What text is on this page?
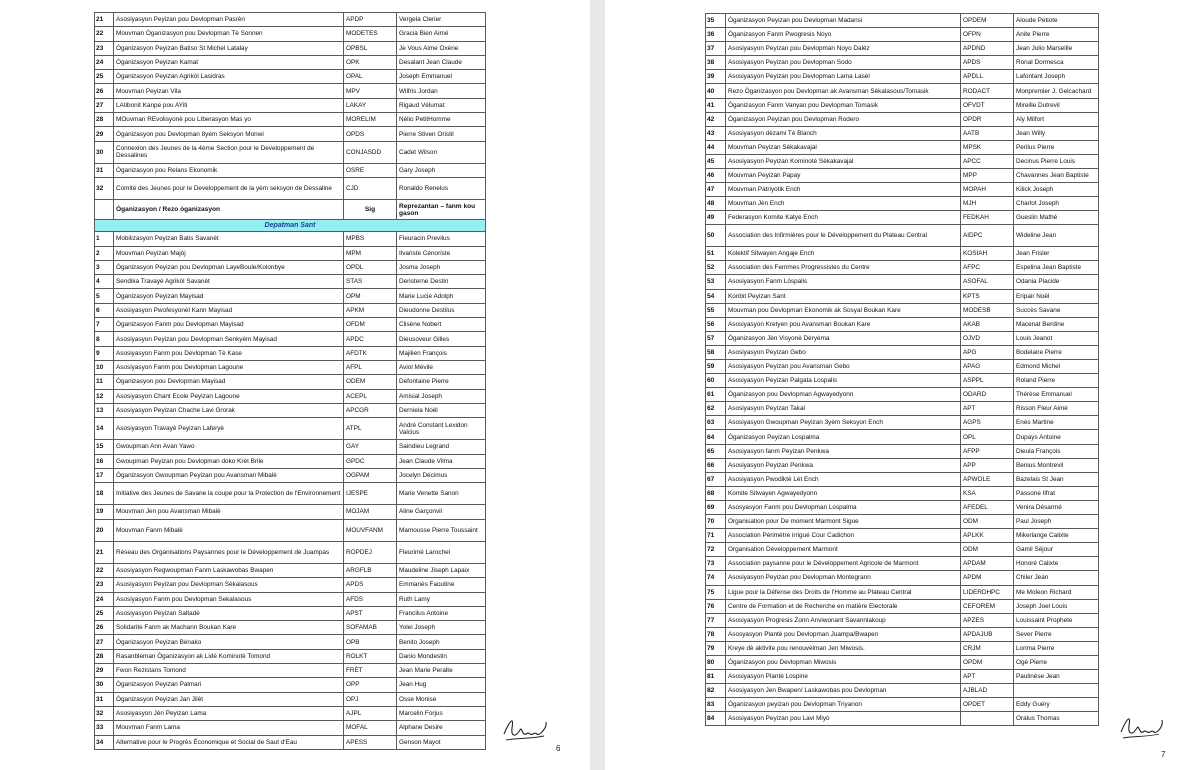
21	Asosiyasyon Peyizan pou Devlopman Pasrèn	APDP	Vergela Clerier
22	Mouvman Òganizasyon pou Devlopman Tè Sonnen	MODETES	Gracia Bien Aimé
23	Òganizasyon Peyizan Batiso St Michel Latalay	OPBSL	Je Vous Aime Oxène
24	Òganizasyon Peyizan Kamat	OPK	Desalant Jean Claude
25	Òganizasyon Peyizan Agrikòl Lasidras	OPAL	Joseph Emmanuel
26	Mouvman Peyizan Vila	MPV	Wilfris Jordan
27	LAtibonit Kanpe pou AYiti	LAKAY	Rigaud Vélumat
28	MOuvman REvolisyonè pou LIberasyon Mas yo	MORELIM	Nélio PetitHomme
29	Òganizasyon pou Devlopman 8yèm Seksyon Monwi	OPDS	Pierre Stiven Oristil
30	Connexion des Jeunes de la 4ème Section pour le Developpement de Dessalines	CONJASDD	Cadet Wilson
31	Òganizasyon pou Relans Ekonomik	OSRE	Gary Joseph
32	Comité des Jeunes pour le Developpement de la yèm seksyon de Dessaline	CJD	Ronaldo Renelus
	Òganizasyon / Rezo òganizasyon	Sig	Reprezantan – fanm kou gason
Depatman Sant			
1	Mobilizasyon Peyizan Batis Savanèt	MPBS	Fleuracin Previlus
2	Mouvman Peyizan Majòj	MPM	Ilvariste Cénoriste
3	Òganizasyon Peyizan pou Devlopman LayeBoule/Kolonbye	OPDL	Josma Joseph
4	Sendika Travayè Agrikòl Savanèt	STAS	Deristerne Destin
5	Òganizasyon Peyizan Mayisad	OPM	Marie Lucie Adolph
6	Asosiyasyon Pwofesyonèl Kann Mayisad	APKM	Dieudonne Destilus
7	Òganizasyon Fanm pou Devlopman Mayisad	OFDM	Clisène Nobert
8	Asosiyasyon Peyizan pou Devlopman Senkyèm Mayisad	APDC	Dieusoveur Gilles
9	Asosiyasyon Fanm pou Devlopman Tè Kase	AFDTK	Majilien François
10	Asosiyasyon Fanm pou Devlopman Lagoune	AFPL	Aviol Mévile
11	Òganizasyon pou Devlopman Mayisad	ODEM	Defontaine Pierre
12	Asosiyasyon Chant Ecole Peyizan Lagoune	ACEPL	Amisial Joseph
13	Asosiyasyon Peyizan Chache Lavi Grorak	APCGR	Derniela Noël
14	Asosiyasyon Travayè Peyizan Laferyè	ATPL	André Constant Lexidon Valcius
15	Gwoupman Ann Avan Yawo	GAY	Saindieu Legrand
16	Gwoupman Peyizan pou Devlopman doko Krèt Brile	GPDC	Jean Claude Vilma
17	Òganizasyon Gwoupman Peyizan pou Avansman Mibalè	OGPAM	Jocelyn Décimus
18	Initiative des Jeunes de Savane la coupe pour la Protection de l'Environnement	IJESPE	Marie Venette Sanon
19	Mouvman Jen pou Avansman Mibalè	MOJAM	Aline Garçonvil
20	Mouvman Fanm Mibalè	MOUVFANM	Mamousse Pierre Toussaint
21	Réseau des Organisations Paysannes pour le Développement de Juampas	ROPDEJ	Fleurimé Larochel
22	Asosiyasyon Regwoupman Fanm Laskawobas Bwapen	ARGFLB	Maudeline Jiseph Lapaix
23	Asosiyasyon Peyizan pou Devlopman Sèkalasous	APDS	Emmanès Faoutine
24	Asosiyasyon Fanm pou Devlopman Sekalasous	AFDS	Ruth Lamy
25	Asosiyasyon Peyizan Saltadè	APST	Francilus Antoine
26	Solidarite Fanm ak Machann Boukan Kare	SOFAMAB	Yolei Joseph
27	Òganizasyon Peyizan Bènako	OPB	Benito Joseph
28	Rasanbleman Òganizasyon ak Lidè Kominotè Tomond	ROLKT	Danio Mondestin
29	Fwon Rezistans Tomond	FRÈT	Jean Marie Peralte
30	Òganizasyon Peyizan Palmari	OPP	Jean Hug
31	Òganizasyon Peyizan Jan Jilèt	OPJ	Osse Monise
32	Asosiyasyon Jèn Peyizan Lama	AJPL	Marcelin Forjus
33	Mouvman Fanm Lama	MOFAL	Alphane Desire
34	Alternative pour le Progrès Économique et Social de Saut d'Eau	APESS	Genson Mayot
6
35	Òganizasyon Peyizan pou Devlopman Madansi	OPDEM	Aloude Petiote
36	Òganizasyon Fanm Pwogresis Noyo	OFPN	Anite Pierre
37	Asosiyasyon Peyizan pou Devlopman Noyo Dalèz	APDND	Jean Julio Marseille
38	Asosiyasyon Peyizan pou Devlopman Sodo	APDS	Ronal Dormesca
39	Asosiyasyon Peyizan pou Devlopman Lama Lasèl	APDLL	Lafontant Joseph
40	Rezo Òganizasyon pou Devlopman ak Avansman Sèkalasous/Tomasik	RODACT	Monpremier J. Gelcachard
41	Òganizasyon Fanm Vanyan pou Devlopman Tomasik	OFVDT	Mireille Dutrevil
42	Òganizasyon Peyizan pou Devlopman Rodero	OPDR	Aly Milfort
43	Asosiyasyon dèzami Tè Blanch	AATB	Jean Willy
44	Mouvman Peyizan Sèkakavajal	MPSK	Perilus Pierre
45	Asosiyasyon Peyizan Kominotè Sèkakavajal	APCC	Decinus Pierre Louis
46	Mouvman Peyizan Papay	MPP	Chavannes Jean Baptiste
47	Mouvman Patriyotik Ench	MOPAH	Kilick Joseph
48	Mouvman Jèn Ench	MJH	Charlot Joseph
49	Federasyon Komite Katye Ench	FEDKAH	Gueslin Mathé
50	Association des Infirmières pour le Développement du Plateau Central	AIDPC	Wideline Jean
51	Kolektif Sitwayen Angaje Ench	KOSIAH	Jean Frisler
52	Association des Femmes Progressistes du Centre	AFPC	Espelina Jean Baptiste
53	Asosiyasyon Fanm Lòspalis	ASOFAL	Odania Placide
54	Konbit Peyizan Sant	KPTS	Eripair Noël
55	Mouvman pou Devlopman Ekonomik ak Sosyal Boukan Kare	MODESB	Succès Savane
56	Asosiyasyon Kretyen pou Avansman Boukan Kare	AKAB	Macenat Berdine
57	Òganizasyon Jèn Visyonè Dèryèma	OJVD	Louis Jeanot
58	Asosiyasyon Peyizan Gebo	APG	Bodelaire Pierre
59	Asosiyasyon Peyizan pou Avansman Gebo	APAG	Edmond Michel
60	Asosiyasyon Peyizan Palgata Lospalis	ASPPL	Roland Pierre
61	Òganizasyon pou Devlopman Agwayedyonn	ODARD	Thérèse Emmanuel
62	Asosiyasyon Peyizan Takal	APT	Risson Fleur Aimé
63	Asosiyasyon Gwoupman Peyizan 3yèm Seksyon Ench	AGPS	Enès Martine
64	Òganizasyon Peyizan Lospalma	OPL	Dupays Antoine
65	Asosiyasyon fanm Peyizan Penkwa	AFPP	Dieula François
66	Asosiyasyon Peyizan Penkwa	APP	Benius Montrevil
67	Asosiyasyon Pwodiktè Lèt Ench	APWOLE	Bazelais St Jean
68	Komite Sitwayen Agwayedyonn	KSA	Passone Ilfrat
69	Asosyasyon Fanm pou Devlopman Lospalma	AFEDEL	Venira Désarmé
70	Organisation pour De moment Marmont Sigue	ODM	Paul Joseph
71	Association Périmètre irrigué Cour Cadichon	APLKK	Mikerlange Calixte
72	Organisation Développement Marmont	ODM	Gamil Séjour
73	Association paysanne pour le Développement Agricole de Marmont	APDAM	Honoré Calixte
74	Asosiyasyon Peyizan pou Devlopman Montegrann	APDM	Chiler Jean
75	Ligue pour la Défense des Droits de l'Homme au Plateau Central	LIDERDHPC	Me Moleon Richard
76	Centre de Formation et de Recherche en matière Electorale	CEFOREM	Joseph Joel Louis
77	Asosiyasyon Progresis Zonn Anviwonant Savannlakoup	APZES	Louissaint Prophete
78	Asosyasyon Plantè pou Devlopman Juampa/Bwapen	APDAJUB	Sever Pierre
79	Kreye dè aktivite pou renouvèlman Jen Miwosis.	CRJM	Lorima Pierre
80	Òganizasyon pou Devlopman Miwosis	OPDM	Ogé Pierre
81	Asosiyasyon Plantè Lospine	APT	Paulinèse Jean
82	Asosiyasyon Jen Bwapen/ Laskawobas pou Devlopman	AJBLAD	
83	Òganizasyon peyizan pou Devlopman Triyanon	OPDET	Eddy Guéry
84	Asosiyasyon Peyizan pou Lavi Miyò		Oralus Thomas
7
